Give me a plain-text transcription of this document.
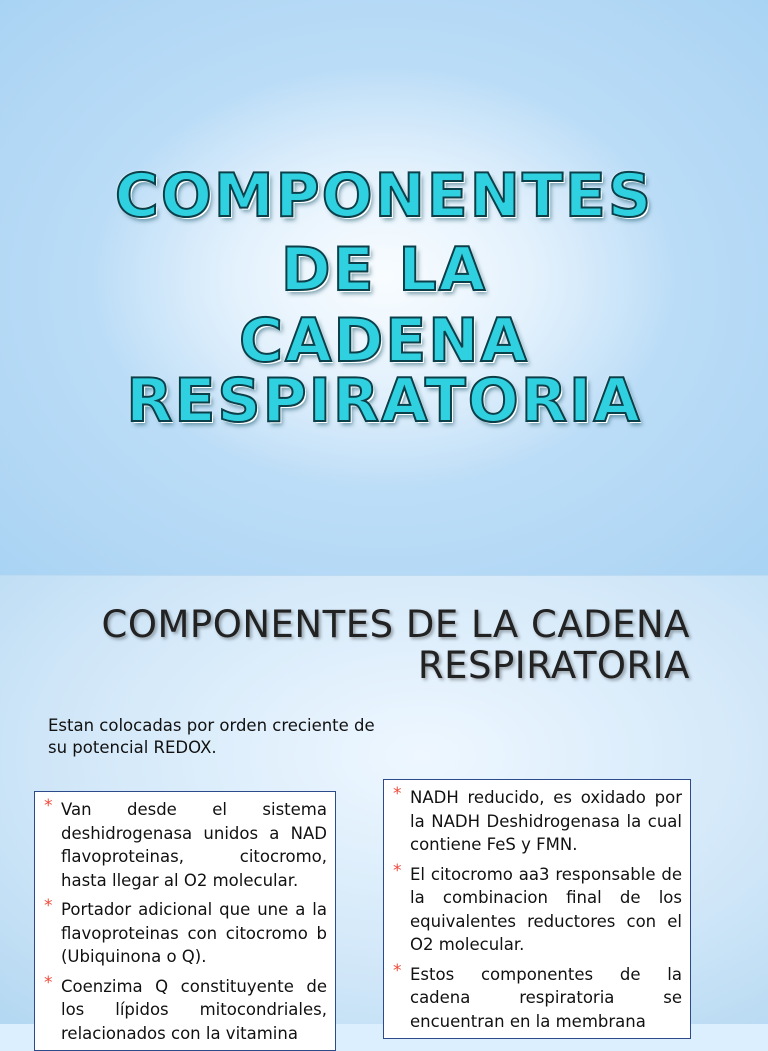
COMPONENTES
DE LA
CADENA RESPIRATORIA
COMPONENTES DE LA CADENA
RESPIRATORIA
Estan colocadas por orden creciente de su potencial REDOX.
* Van desde el sistema deshidrogenasa unidos a NAD flavoproteinas, citocromo, hasta llegar al O2 molecular.
* Portador adicional que une a la flavoproteinas con citocromo b (Ubiquinona o Q).
* Coenzima Q constituyente de los lípidos mitocondriales, relacionados con la vitamina
* NADH reducido, es oxidado por la NADH Deshidrogenasa la cual contiene FeS y FMN.
* El citocromo aa3 responsable de la combinacion final de los equivalentes reductores con el O2 molecular.
* Estos componentes de la cadena respiratoria se encuentran en la membrana
